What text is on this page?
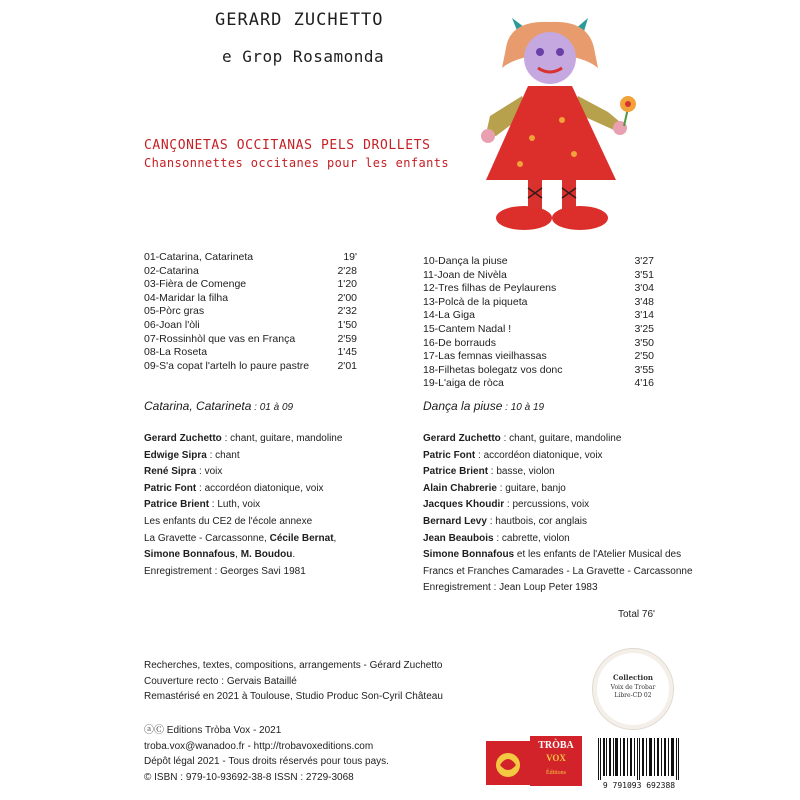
GERARD ZUCHETTO
e Grop Rosamonda
CANÇONETAS OCCITANAS PELS DROLLETS
Chansonnettes occitanes pour les enfants
01-Catarina, Catarineta	19'
02-Catarina	2'28
03-Fièra de Comenge	1'20
04-Maridar la filha	2'00
05-Pòrc gras	2'32
06-Joan l'òli	1'50
07-Rossinhòl que vas en França	2'59
08-La Roseta	1'45
09-S'a copat l'artelh lo paure pastre	2'01
10-Dança la piuse	3'27
11-Joan de Nivèla	3'51
12-Tres filhas de Peylaurens	3'04
13-Polcà de la piqueta	3'48
14-La Giga	3'14
15-Cantem Nadal !	3'25
16-De borrauds	3'50
17-Las femnas vieilhassas	2'50
18-Filhetas bolegatz vos donc	3'55
19-L'aiga de ròca	4'16
Catarina, Catarineta : 01 à 09	Dança la piuse : 10 à 19
Gerard Zuchetto : chant, guitare, mandoline
Edwige Sipra : chant
René Sipra : voix
Patric Font : accordéon diatonique, voix
Patrice Brient : Luth, voix
Les enfants du CE2 de l'école annexe
La Gravette - Carcassonne, Cécile Bernat,
Simone Bonnafous, M. Boudou.
Enregistrement : Georges Savi 1981
Gerard Zuchetto : chant, guitare, mandoline
Patric Font : accordéon diatonique, voix
Patrice Brient : basse, violon
Alain Chabrerie : guitare, banjo
Jacques Khoudir : percussions, voix
Bernard Levy : hautbois, cor anglais
Jean Beaubois : cabrette, violon
Simone Bonnafous et les enfants de l'Atelier Musical des
Francs et Franches Camarades - La Gravette - Carcassonne
Enregistrement : Jean Loup Peter 1983
Total 76'
Recherches, textes, compositions, arrangements - Gérard Zuchetto
Couverture recto : Gervais Bataillé
Remastérisé en 2021 à Toulouse, Studio Produc Son-Cyril Château
ⓐⒸ Editions Tròba Vox - 2021
troba.vox@wanadoo.fr - http://trobavoxeditions.com
Dépôt légal 2021 - Tous droits réservés pour tous pays.
© ISBN : 979-10-93692-38-8 ISSN : 2729-3068
Collection
Voix de Trobar
Libre-CD 02
TRÒBA
VOX
Éditions
9 791093 692388
